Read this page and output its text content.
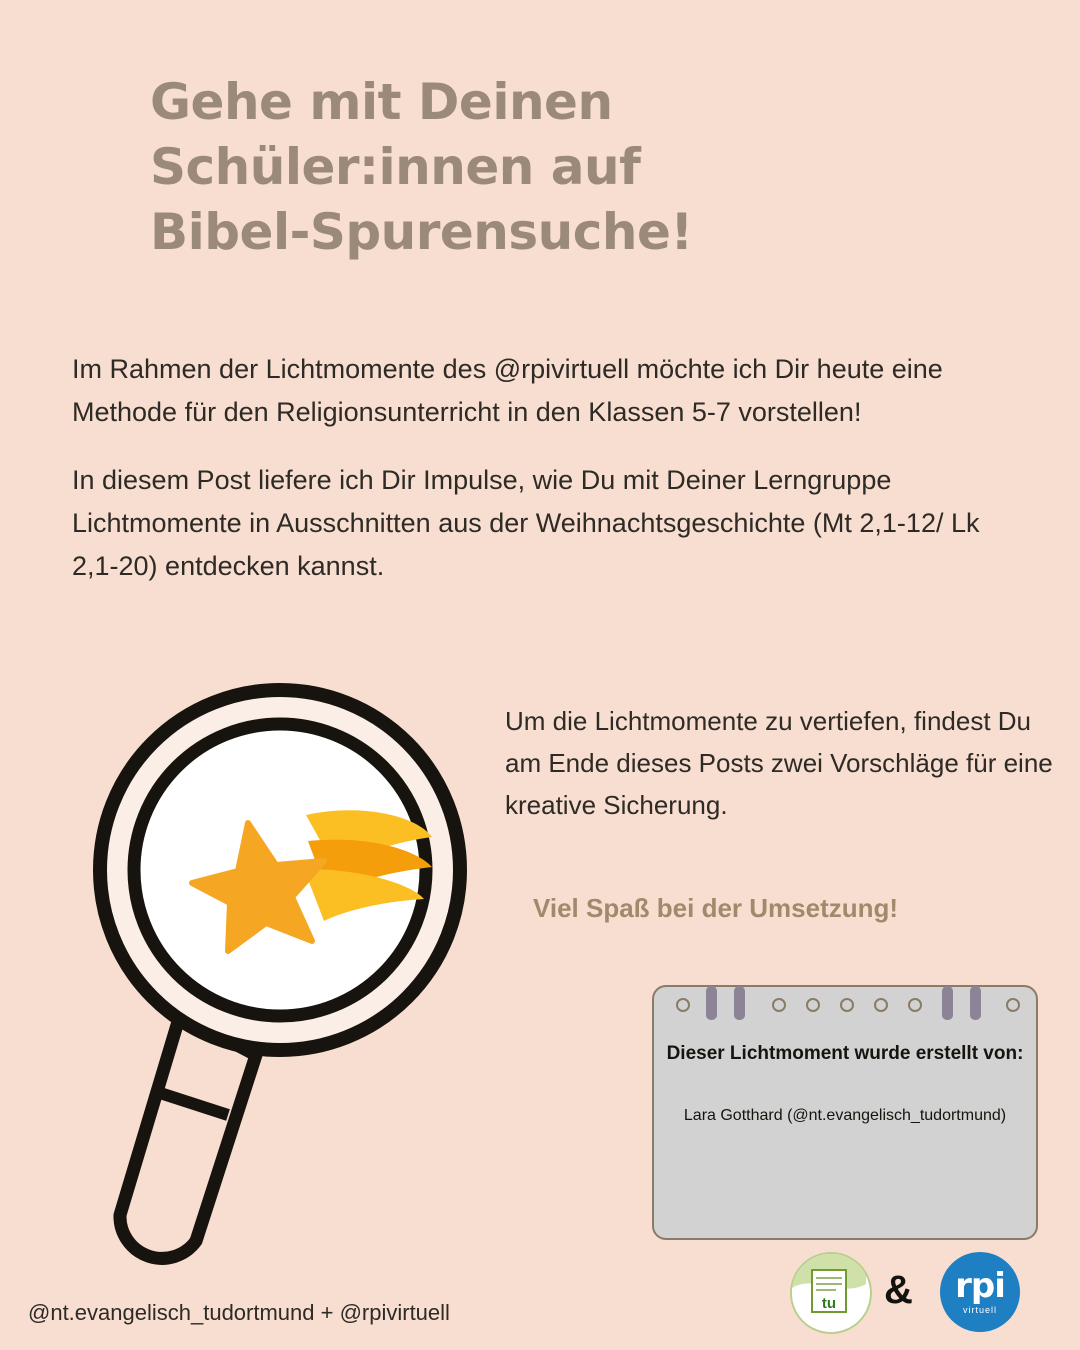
Gehe mit Deinen Schüler:innen auf
Bibel-Spurensuche!

Im Rahmen der Lichtmomente des @rpivirtuell möchte ich Dir heute eine Methode für den Religionsunterricht in den Klassen 5-7 vorstellen!

In diesem Post liefere ich Dir Impulse, wie Du mit Deiner Lerngruppe Lichtmomente in Ausschnitten aus der Weihnachtsgeschichte (Mt 2,1-12/ Lk 2,1-20) entdecken kannst.

Um die Lichtmomente zu vertiefen, findest Du am Ende dieses Posts zwei Vorschläge für eine kreative Sicherung.

Viel Spaß bei der Umsetzung!
Dieser Lichtmoment wurde erstellt von:
Lara Gotthard (@nt.evangelisch_tudortmund)
tu & rpi
virtuell
@nt.evangelisch_tudortmund + @rpivirtuell
